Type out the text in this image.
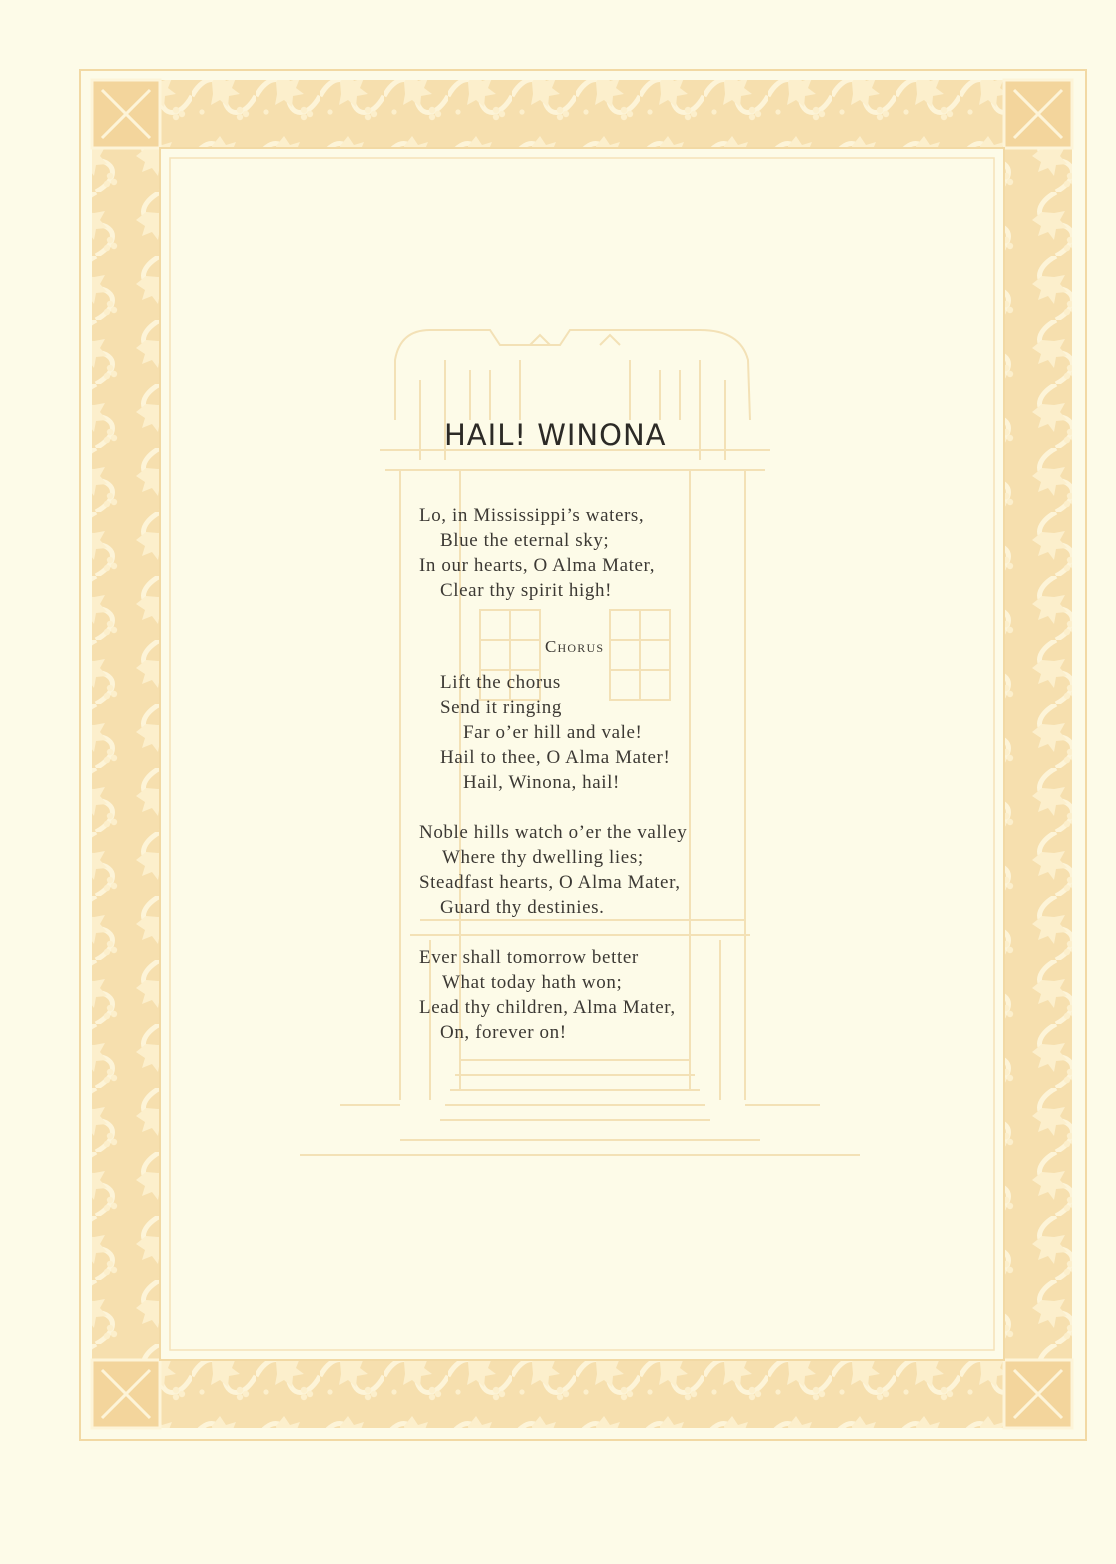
HAIL! WINONA

Lo, in Mississippi’s waters,

Blue the eternal sky;

In our hearts, O Alma Mater,

Clear thy spirit high!

Chorus

Lift the chorus

Send it ringing

Far o’er hill and vale!

Hail to thee, O Alma Mater!

Hail, Winona, hail!

Noble hills watch o’er the valley

Where thy dwelling lies;

Steadfast hearts, O Alma Mater,

Guard thy destinies.

Ever shall tomorrow better

What today hath won;

Lead thy children, Alma Mater,

On, forever on!
